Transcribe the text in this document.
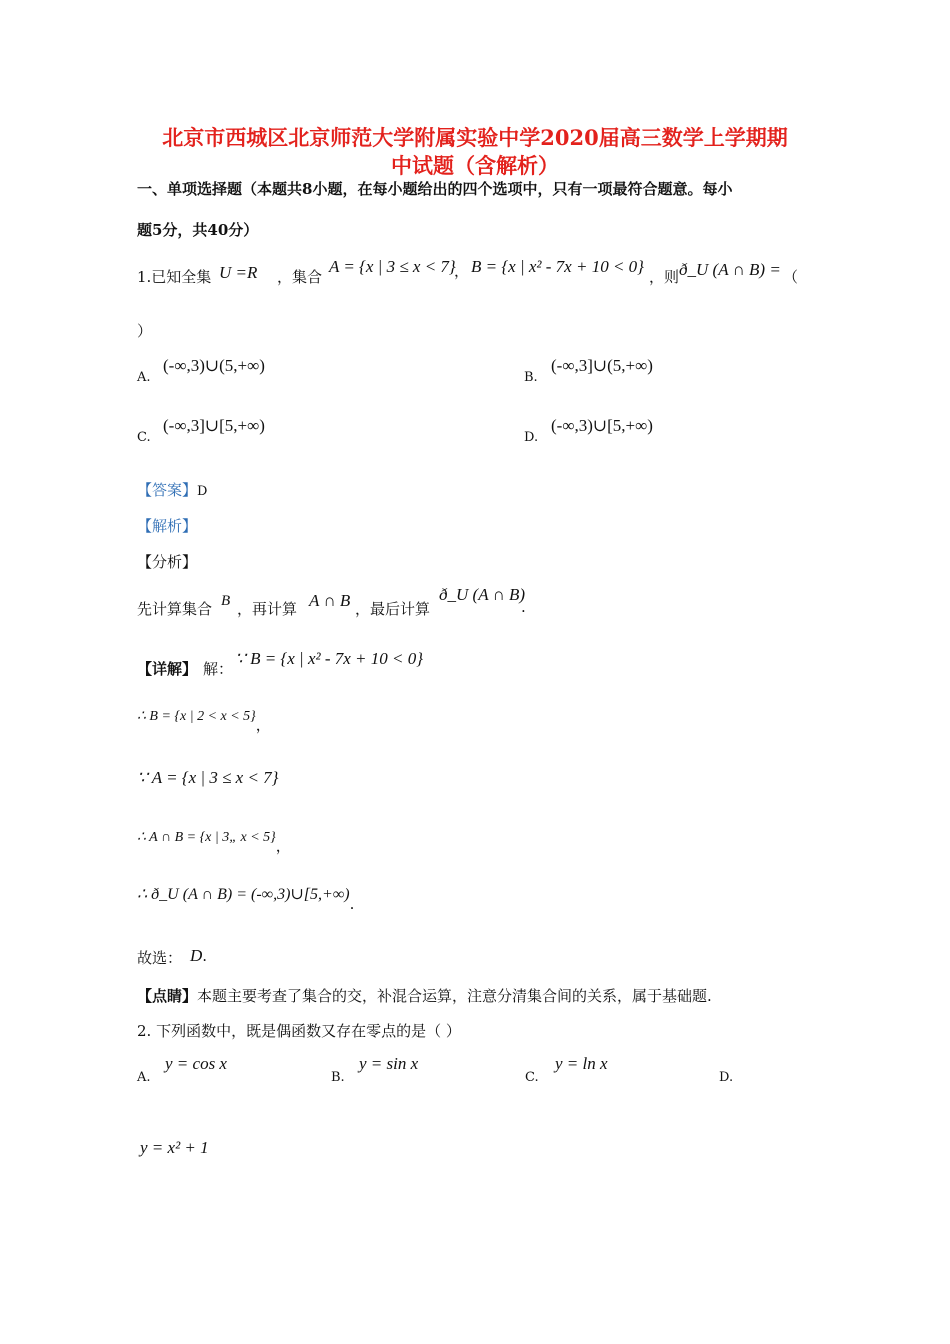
北京市西城区北京师范大学附属实验中学2020届高三数学上学期期
中试题（含解析）
一、单项选择题（本题共8小题，在每小题给出的四个选项中，只有一项最符合题意。每小
题5分，共40分）
1.已知全集 U =R ，集合
A = {x | 3 ≤ x < 7}
， B = {x | x² - 7x + 10 < 0}
，则 ð_U (A ∩ B) = （
）
A.
(-∞,3)∪(5,+∞)
B.
(-∞,3]∪(5,+∞)
C.
(-∞,3]∪[5,+∞)
D.
(-∞,3)∪[5,+∞)
【答案】D
【解析】
【分析】
先计算集合 B ，再计算 A ∩ B ，最后计算
ð_U (A ∩ B)
.
【详解】 解：
∵ B = {x | x² - 7x + 10 < 0}
∴ B = {x | 2 < x < 5}，
∵ A = {x | 3 ≤ x < 7}
∴ A ∩ B = {x | 3„ x < 5}，
∴ ð_U (A ∩ B) = (-∞,3)∪[5,+∞).
故选： D.
【点睛】本题主要考查了集合的交，补混合运算，注意分清集合间的关系，属于基础题.
2. 下列函数中，既是偶函数又存在零点的是（ ）
A.
y = cos x
B.
y = sin x
C.
y = ln x
D.
y = x² + 1
